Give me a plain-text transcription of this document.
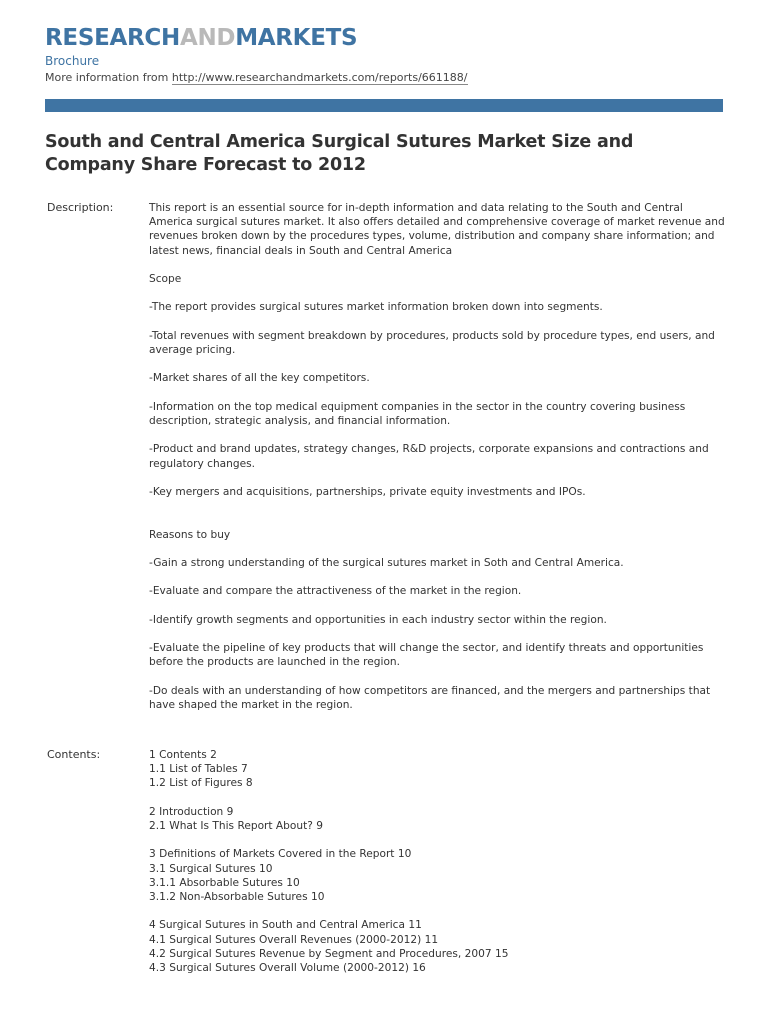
RESEARCHANDMARKETS
Brochure
More information from http://www.researchandmarkets.com/reports/661188/
South and Central America Surgical Sutures Market Size and Company Share Forecast to 2012
Description:	This report is an essential source for in-depth information and data relating to the South and Central America surgical sutures market. It also offers detailed and comprehensive coverage of market revenue and revenues broken down by the procedures types, volume, distribution and company share information; and latest news, financial deals in South and Central America

Scope

-The report provides surgical sutures market information broken down into segments.

-Total revenues with segment breakdown by procedures, products sold by procedure types, end users, and average pricing.

-Market shares of all the key competitors.

-Information on the top medical equipment companies in the sector in the country covering business description, strategic analysis, and financial information.

-Product and brand updates, strategy changes, R&D projects, corporate expansions and contractions and regulatory changes.

-Key mergers and acquisitions, partnerships, private equity investments and IPOs.

Reasons to buy

-Gain a strong understanding of the surgical sutures market in Soth and Central America.

-Evaluate and compare the attractiveness of the market in the region.

-Identify growth segments and opportunities in each industry sector within the region.

-Evaluate the pipeline of key products that will change the sector, and identify threats and opportunities before the products are launched in the region.

-Do deals with an understanding of how competitors are financed, and the mergers and partnerships that have shaped the market in the region.

Contents:	1 Contents 2
1.1 List of Tables 7
1.2 List of Figures 8

2 Introduction 9
2.1 What Is This Report About? 9

3 Definitions of Markets Covered in the Report 10
3.1 Surgical Sutures 10
3.1.1 Absorbable Sutures 10
3.1.2 Non-Absorbable Sutures 10

4 Surgical Sutures in South and Central America 11
4.1 Surgical Sutures Overall Revenues (2000-2012) 11
4.2 Surgical Sutures Revenue by Segment and Procedures, 2007 15
4.3 Surgical Sutures Overall Volume (2000-2012) 16
